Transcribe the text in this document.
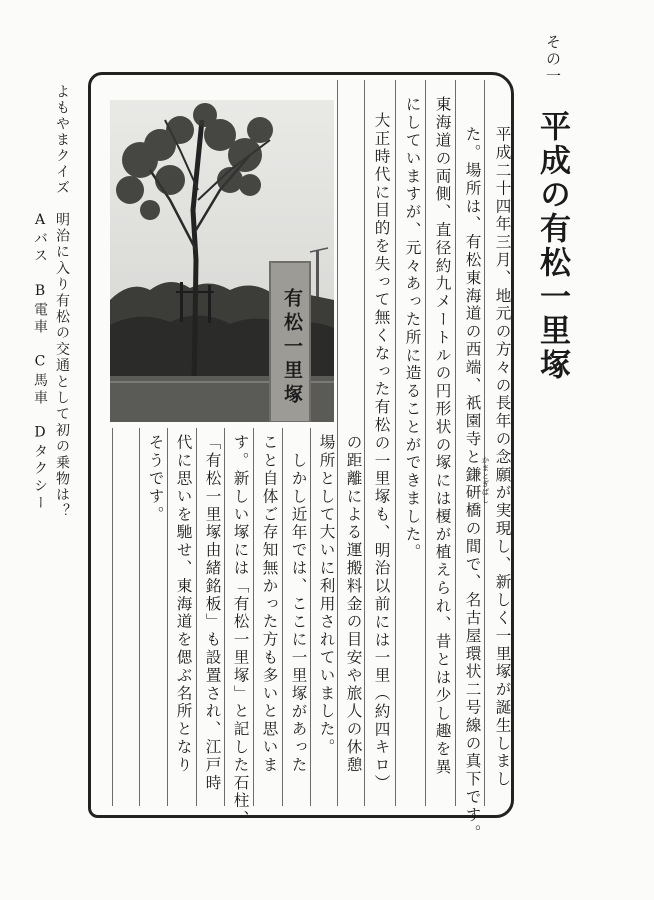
その一
平成の有松一里塚
よもやまクイズ
明治に入り有松の交通として初の乗物は？
Aバス　B電車　C馬車　Dタクシー	有松一里塚
かまとぎばし 平成二十四年三月、地元の方々の長年の念願が実現し、新しく一里塚が誕生しまし
た。場所は、有松東海道の西端、祇園寺と鎌研橋の間で、名古屋環状二号線の真下です。
東海道の両側、直径約九メートルの円形状の塚には榎が植えられ、昔とは少し趣を異
にしていますが、元々あった所に造ることができました。
大正時代に目的を失って無くなった有松の一里塚も、明治以前には一里（約四キロ）
の距離による運搬料金の目安や旅人の休憩
場所として大いに利用されていました。
しかし近年では、ここに一里塚があった
こと自体ご存知無かった方も多いと思いま
す。新しい塚には「有松一里塚」と記した石柱、
「有松一里塚由緒銘板」も設置され、江戸時
代に思いを馳せ、東海道を偲ぶ名所となり
そうです。
